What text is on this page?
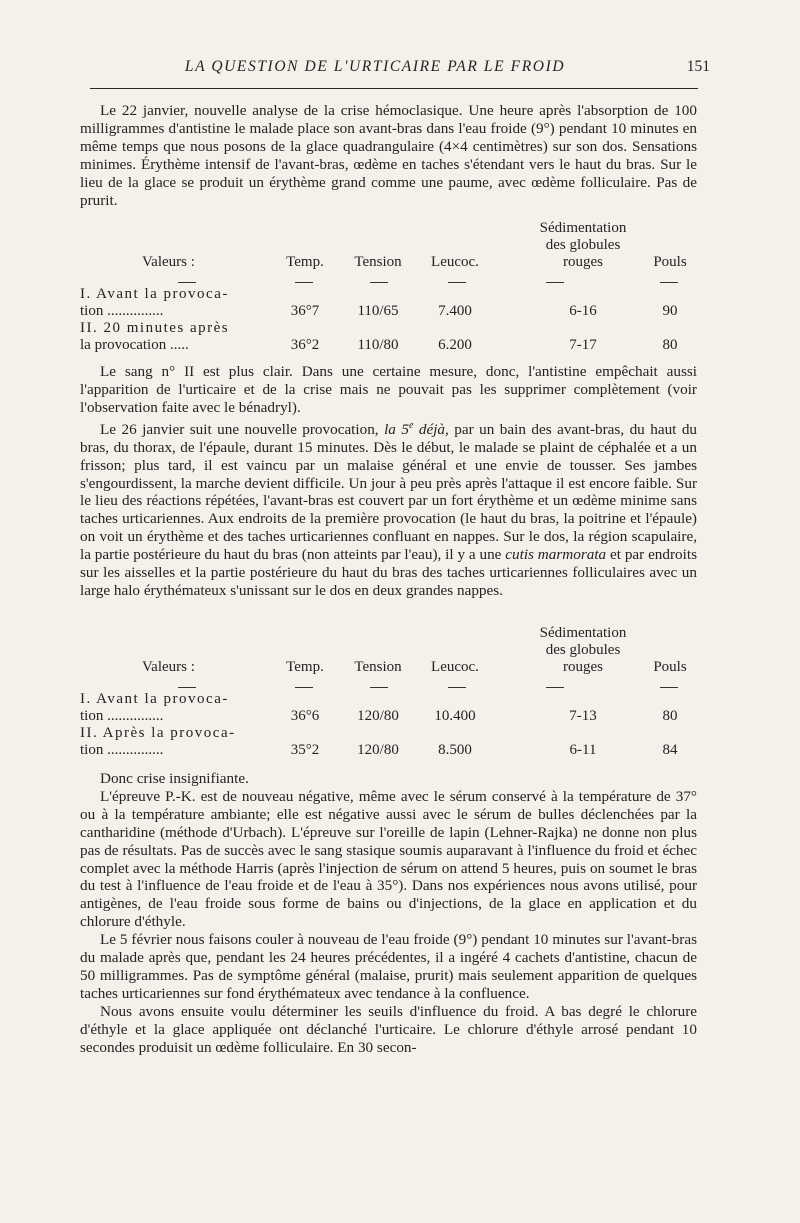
LA QUESTION DE L'URTICAIRE PAR LE FROID	151

Le 22 janvier, nouvelle analyse de la crise hémoclasique. Une heure après l'absorption de 100 milligrammes d'antistine le malade place son avant-bras dans l'eau froide (9°) pendant 10 minutes en même temps que nous posons de la glace quadrangulaire (4×4 centimètres) sur son dos. Sensations minimes. Érythème intensif de l'avant-bras, œdème en taches s'étendant vers le haut du bras. Sur le lieu de la glace se produit un érythème grand comme une paume, avec œdème folliculaire. Pas de prurit.

Sédimentation
des globules
Valeurs :	Temp.	Tension	Leucoc.	rouges	Pouls
I. Avant la provoca-
tion ...............	36°7	110/65	7.400	6-16	90
II. 20 minutes après
la provocation .....	36°2	110/80	6.200	7-17	80

Le sang n° II est plus clair. Dans une certaine mesure, donc, l'antistine empêchait aussi l'apparition de l'urticaire et de la crise mais ne pouvait pas les supprimer complètement (voir l'observation faite avec le bénadryl).

Le 26 janvier suit une nouvelle provocation, la 5e déjà, par un bain des avant-bras, du haut du bras, du thorax, de l'épaule, durant 15 minutes. Dès le début, le malade se plaint de céphalée et a un frisson; plus tard, il est vaincu par un malaise général et une envie de tousser. Ses jambes s'engourdissent, la marche devient difficile. Un jour à peu près après l'attaque il est encore faible. Sur le lieu des réactions répétées, l'avant-bras est couvert par un fort érythème et un œdème minime sans taches urticariennes. Aux endroits de la première provocation (le haut du bras, la poitrine et l'épaule) on voit un érythème et des taches urticariennes confluant en nappes. Sur le dos, la région scapulaire, la partie postérieure du haut du bras (non atteints par l'eau), il y a une cutis marmorata et par endroits sur les aisselles et la partie postérieure du haut du bras des taches urticariennes folliculaires avec un large halo érythémateux s'unissant sur le dos en deux grandes nappes.

Sédimentation
des globules
Valeurs :	Temp.	Tension	Leucoc.	rouges	Pouls
I. Avant la provoca-
tion ...............	36°6	120/80	10.400	7-13	80
II. Après la provoca-
tion ...............	35°2	120/80	8.500	6-11	84

Donc crise insignifiante.

L'épreuve P.-K. est de nouveau négative, même avec le sérum conservé à la température de 37° ou à la température ambiante; elle est négative aussi avec le sérum de bulles déclenchées par la cantharidine (méthode d'Urbach). L'épreuve sur l'oreille de lapin (Lehner-Rajka) ne donne non plus pas de résultats. Pas de succès avec le sang stasique soumis auparavant à l'influence du froid et échec complet avec la méthode Harris (après l'injection de sérum on attend 5 heures, puis on soumet le bras du test à l'influence de l'eau froide et de l'eau à 35°). Dans nos expériences nous avons utilisé, pour antigènes, de l'eau froide sous forme de bains ou d'injections, de la glace en application et du chlorure d'éthyle.

Le 5 février nous faisons couler à nouveau de l'eau froide (9°) pendant 10 minutes sur l'avant-bras du malade après que, pendant les 24 heures précédentes, il a ingéré 4 cachets d'antistine, chacun de 50 milligrammes. Pas de symptôme général (malaise, prurit) mais seulement apparition de quelques taches urticariennes sur fond érythémateux avec tendance à la confluence.

Nous avons ensuite voulu déterminer les seuils d'influence du froid. A bas degré le chlorure d'éthyle et la glace appliquée ont déclanché l'urticaire. Le chlorure d'éthyle arrosé pendant 10 secondes produisit un œdème folliculaire. En 30 secon-
